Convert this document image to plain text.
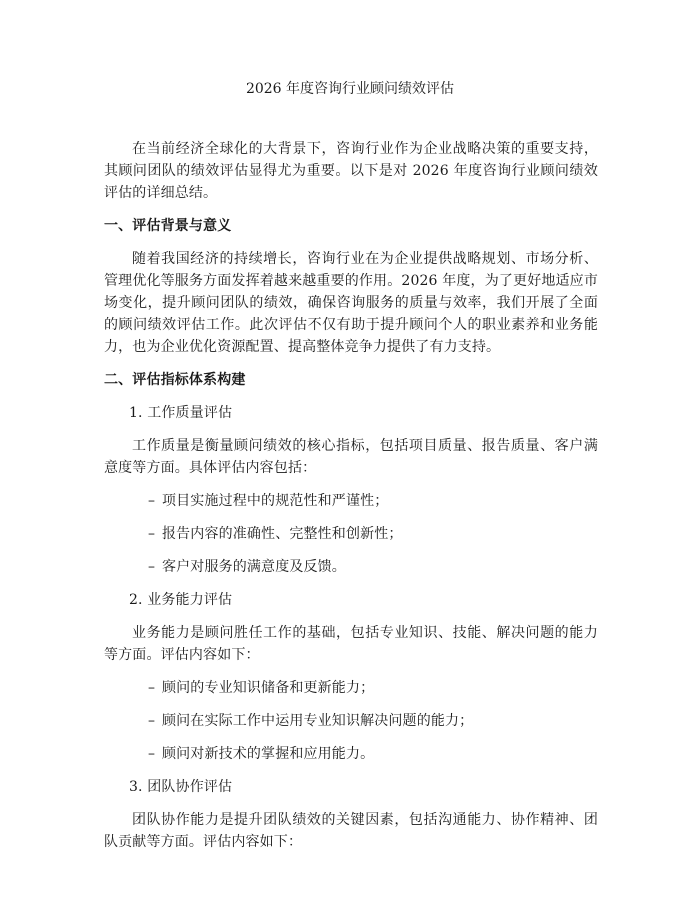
2026 年度咨询行业顾问绩效评估

在当前经济全球化的大背景下，咨询行业作为企业战略决策的重要支持，其顾问团队的绩效评估显得尤为重要。以下是对 2026 年度咨询行业顾问绩效评估的详细总结。

一、评估背景与意义

随着我国经济的持续增长，咨询行业在为企业提供战略规划、市场分析、管理优化等服务方面发挥着越来越重要的作用。2026 年度，为了更好地适应市场变化，提升顾问团队的绩效，确保咨询服务的质量与效率，我们开展了全面的顾问绩效评估工作。此次评估不仅有助于提升顾问个人的职业素养和业务能力，也为企业优化资源配置、提高整体竞争力提供了有力支持。

二、评估指标体系构建

1. 工作质量评估

工作质量是衡量顾问绩效的核心指标，包括项目质量、报告质量、客户满意度等方面。具体评估内容包括：

– 项目实施过程中的规范性和严谨性；

– 报告内容的准确性、完整性和创新性；

– 客户对服务的满意度及反馈。

2. 业务能力评估

业务能力是顾问胜任工作的基础，包括专业知识、技能、解决问题的能力等方面。评估内容如下：

– 顾问的专业知识储备和更新能力；

– 顾问在实际工作中运用专业知识解决问题的能力；

– 顾问对新技术的掌握和应用能力。

3. 团队协作评估

团队协作能力是提升团队绩效的关键因素，包括沟通能力、协作精神、团队贡献等方面。评估内容如下：
